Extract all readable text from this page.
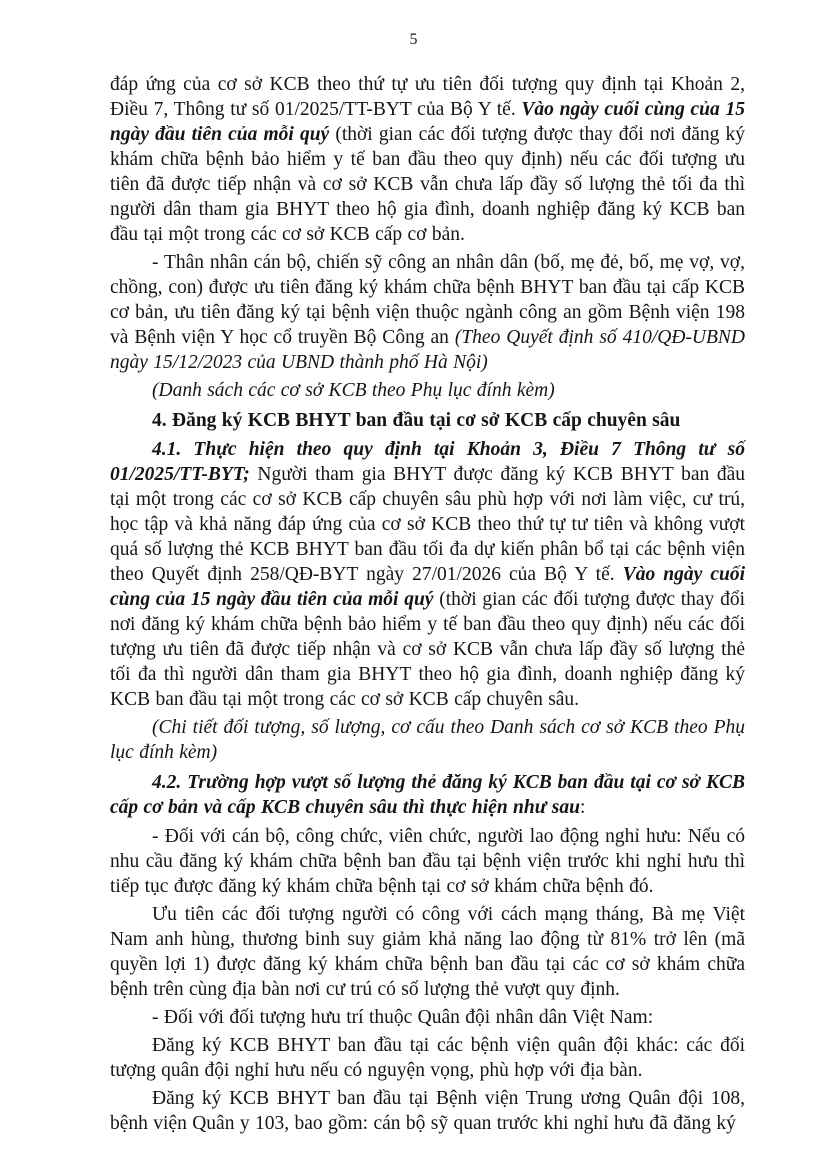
5

đáp ứng của cơ sở KCB theo thứ tự ưu tiên đối tượng quy định tại Khoản 2, Điều 7, Thông tư số 01/2025/TT-BYT của Bộ Y tế. Vào ngày cuối cùng của 15 ngày đầu tiên của mỗi quý (thời gian các đối tượng được thay đổi nơi đăng ký khám chữa bệnh bảo hiểm y tế ban đầu theo quy định) nếu các đối tượng ưu tiên đã được tiếp nhận và cơ sở KCB vẫn chưa lấp đầy số lượng thẻ tối đa thì người dân tham gia BHYT theo hộ gia đình, doanh nghiệp đăng ký KCB ban đầu tại một trong các cơ sở KCB cấp cơ bản.

- Thân nhân cán bộ, chiến sỹ công an nhân dân (bố, mẹ đẻ, bố, mẹ vợ, vợ, chồng, con) được ưu tiên đăng ký khám chữa bệnh BHYT ban đầu tại cấp KCB cơ bản, ưu tiên đăng ký tại bệnh viện thuộc ngành công an gồm Bệnh viện 198 và Bệnh viện Y học cổ truyền Bộ Công an (Theo Quyết định số 410/QĐ-UBND ngày 15/12/2023 của UBND thành phố Hà Nội)

(Danh sách các cơ sở KCB theo Phụ lục đính kèm)

4. Đăng ký KCB BHYT ban đầu tại cơ sở KCB cấp chuyên sâu

4.1. Thực hiện theo quy định tại Khoản 3, Điều 7 Thông tư số 01/2025/TT-BYT; Người tham gia BHYT được đăng ký KCB BHYT ban đầu tại một trong các cơ sở KCB cấp chuyên sâu phù hợp với nơi làm việc, cư trú, học tập và khả năng đáp ứng của cơ sở KCB theo thứ tự tư tiên và không vượt quá số lượng thẻ KCB BHYT ban đầu tối đa dự kiến phân bổ tại các bệnh viện theo Quyết định 258/QĐ-BYT ngày 27/01/2026 của Bộ Y tế. Vào ngày cuối cùng của 15 ngày đầu tiên của mỗi quý (thời gian các đối tượng được thay đổi nơi đăng ký khám chữa bệnh bảo hiểm y tế ban đầu theo quy định) nếu các đối tượng ưu tiên đã được tiếp nhận và cơ sở KCB vẫn chưa lấp đầy số lượng thẻ tối đa thì người dân tham gia BHYT theo hộ gia đình, doanh nghiệp đăng ký KCB ban đầu tại một trong các cơ sở KCB cấp chuyên sâu.

(Chi tiết đối tượng, số lượng, cơ cấu theo Danh sách cơ sở KCB theo Phụ lục đính kèm)

4.2. Trường hợp vượt số lượng thẻ đăng ký KCB ban đầu tại cơ sở KCB cấp cơ bản và cấp KCB chuyên sâu thì thực hiện như sau:

- Đối với cán bộ, công chức, viên chức, người lao động nghỉ hưu: Nếu có nhu cầu đăng ký khám chữa bệnh ban đầu tại bệnh viện trước khi nghỉ hưu thì tiếp tục được đăng ký khám chữa bệnh tại cơ sở khám chữa bệnh đó.

Ưu tiên các đối tượng người có công với cách mạng tháng, Bà mẹ Việt Nam anh hùng, thương binh suy giảm khả năng lao động từ 81% trở lên (mã quyền lợi 1) được đăng ký khám chữa bệnh ban đầu tại các cơ sở khám chữa bệnh trên cùng địa bàn nơi cư trú có số lượng thẻ vượt quy định.

- Đối với đối tượng hưu trí thuộc Quân đội nhân dân Việt Nam:

Đăng ký KCB BHYT ban đầu tại các bệnh viện quân đội khác: các đối tượng quân đội nghỉ hưu nếu có nguyện vọng, phù hợp với địa bàn.

Đăng ký KCB BHYT ban đầu tại Bệnh viện Trung ương Quân đội 108, bệnh viện Quân y 103, bao gồm: cán bộ sỹ quan trước khi nghỉ hưu đã đăng ký
